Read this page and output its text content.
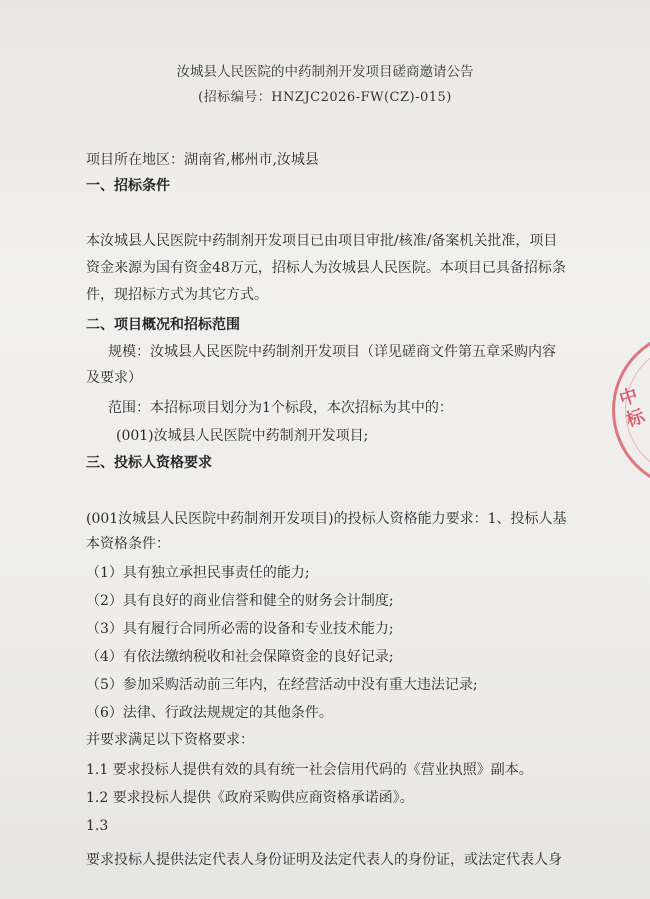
汝城县人民医院的中药制剂开发项目磋商邀请公告
(招标编号：HNZJC2026-FW(CZ)-015)
项目所在地区：湖南省,郴州市,汝城县
一、招标条件
本汝城县人民医院中药制剂开发项目已由项目审批/核准/备案机关批准，项目
资金来源为国有资金48万元，招标人为汝城县人民医院。本项目已具备招标条
件，现招标方式为其它方式。
二、项目概况和招标范围
规模：汝城县人民医院中药制剂开发项目（详见磋商文件第五章采购内容
及要求）
范围：本招标项目划分为1个标段，本次招标为其中的：
(001)汝城县人民医院中药制剂开发项目;
三、投标人资格要求
(001汝城县人民医院中药制剂开发项目)的投标人资格能力要求：1、投标人基
本资格条件：
（1）具有独立承担民事责任的能力;
（2）具有良好的商业信誉和健全的财务会计制度;
（3）具有履行合同所必需的设备和专业技术能力;
（4）有依法缴纳税收和社会保障资金的良好记录;
（5）参加采购活动前三年内，在经营活动中没有重大违法记录;
（6）法律、行政法规规定的其他条件。
并要求满足以下资格要求：
1.1 要求投标人提供有效的具有统一社会信用代码的《营业执照》副本。
1.2 要求投标人提供《政府采购供应商资格承诺函》。
1.3
要求投标人提供法定代表人身份证明及法定代表人的身份证，或法定代表人身
中标
